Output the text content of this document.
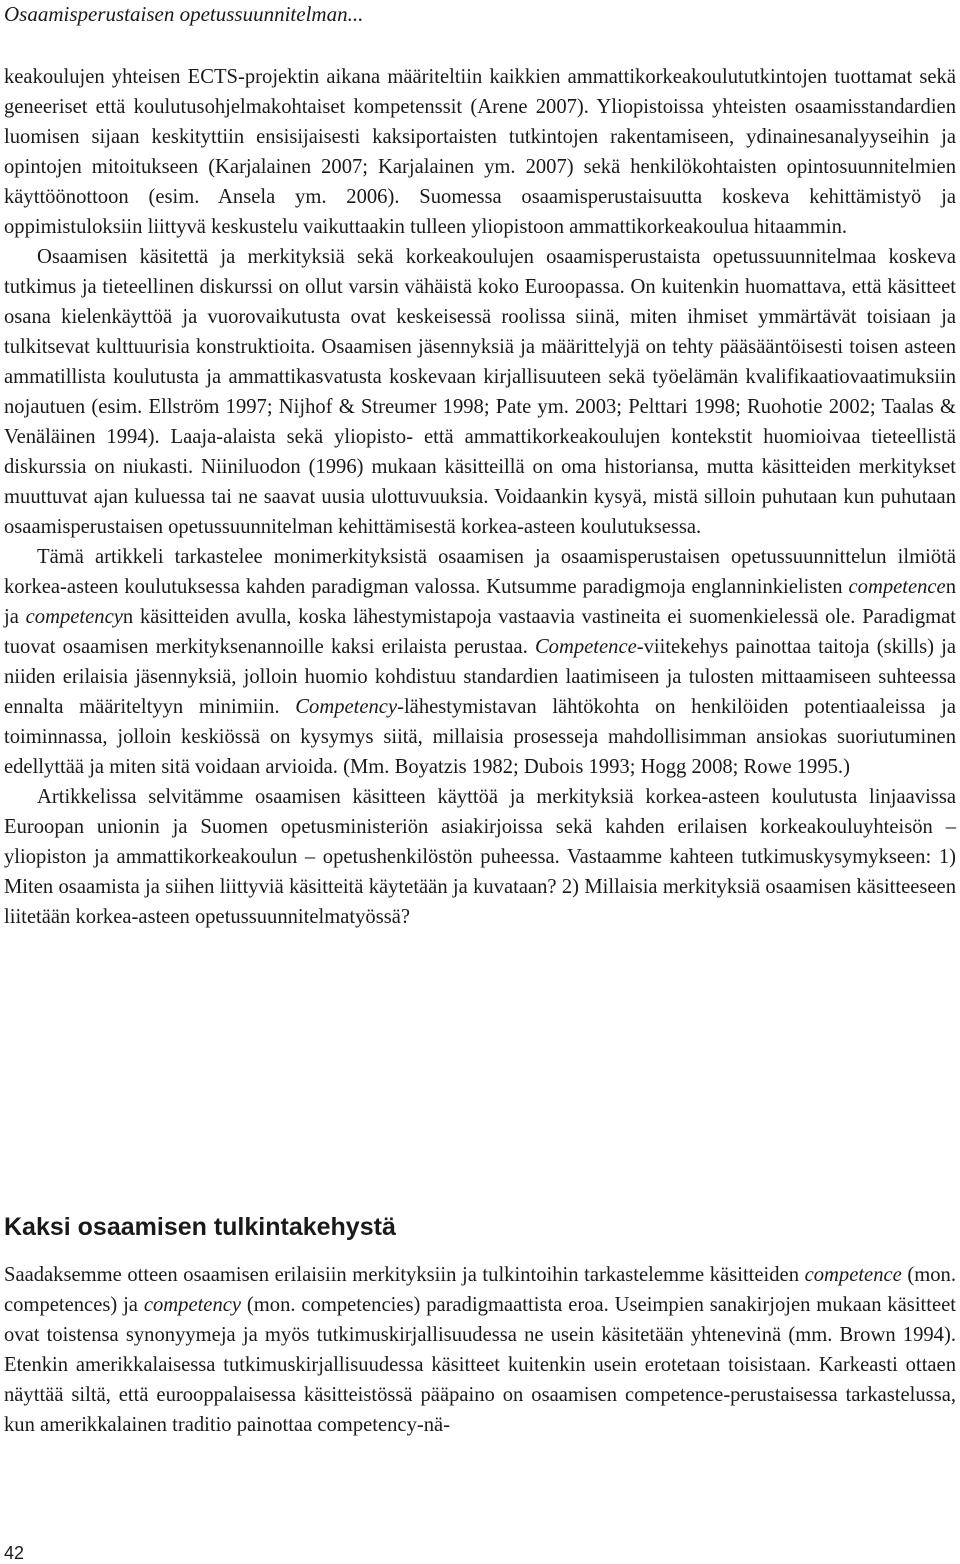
Osaamisperustaisen opetussuunnitelman...

keakoulujen yhteisen ECTS-projektin aikana määriteltiin kaikkien ammattikorkeakoulututkintojen tuottamat sekä geneeriset että koulutusohjelmakohtaiset kompetenssit (Arene 2007). Yliopistoissa yhteisten osaamisstandardien luomisen sijaan keskityttiin ensisijaisesti kaksiportaisten tutkintojen rakentamiseen, ydinainesanalyyseihin ja opintojen mitoitukseen (Karjalainen 2007; Karjalainen ym. 2007) sekä henkilökohtaisten opintosuunnitelmien käyttöönottoon (esim. Ansela ym. 2006). Suomessa osaamisperustaisuutta koskeva kehittämistyö ja oppimistuloksiin liittyvä keskustelu vaikuttaakin tulleen yliopistoon ammattikorkeakoulua hitaammin.

Osaamisen käsitettä ja merkityksiä sekä korkeakoulujen osaamisperustaista opetussuunnitelmaa koskeva tutkimus ja tieteellinen diskurssi on ollut varsin vähäistä koko Euroopassa. On kuitenkin huomattava, että käsitteet osana kielenkäyttöä ja vuorovaikutusta ovat keskeisessä roolissa siinä, miten ihmiset ymmärtävät toisiaan ja tulkitsevat kulttuurisia konstruktioita. Osaamisen jäsennyksiä ja määrittelyjä on tehty pääsääntöisesti toisen asteen ammatillista koulutusta ja ammattikasvatusta koskevaan kirjallisuuteen sekä työelämän kvalifikaatiovaatimuksiin nojautuen (esim. Ellström 1997; Nijhof & Streumer 1998; Pate ym. 2003; Pelttari 1998; Ruohotie 2002; Taalas & Venäläinen 1994). Laaja-alaista sekä yliopisto- että ammattikorkeakoulujen kontekstit huomioivaa tieteellistä diskurssia on niukasti. Niiniluodon (1996) mukaan käsitteillä on oma historiansa, mutta käsitteiden merkitykset muuttuvat ajan kuluessa tai ne saavat uusia ulottuvuuksia. Voidaankin kysyä, mistä silloin puhutaan kun puhutaan osaamisperustaisen opetussuunnitelman kehittämisestä korkea-asteen koulutuksessa.

Tämä artikkeli tarkastelee monimerkityksistä osaamisen ja osaamisperustaisen opetussuunnittelun ilmiötä korkea-asteen koulutuksessa kahden paradigman valossa. Kutsumme paradigmoja englanninkielisten competencen ja competencyn käsitteiden avulla, koska lähestymistapoja vastaavia vastineita ei suomenkielessä ole. Paradigmat tuovat osaamisen merkityksenannoille kaksi erilaista perustaa. Competence-viitekehys painottaa taitoja (skills) ja niiden erilaisia jäsennyksiä, jolloin huomio kohdistuu standardien laatimiseen ja tulosten mittaamiseen suhteessa ennalta määriteltyyn minimiin. Competency-lähestymistavan lähtökohta on henkilöiden potentiaaleissa ja toiminnassa, jolloin keskiössä on kysymys siitä, millaisia prosesseja mahdollisimman ansiokas suoriutuminen edellyttää ja miten sitä voidaan arvioida. (Mm. Boyatzis 1982; Dubois 1993; Hogg 2008; Rowe 1995.)

Artikkelissa selvitämme osaamisen käsitteen käyttöä ja merkityksiä korkea-asteen koulutusta linjaavissa Euroopan unionin ja Suomen opetusministeriön asiakirjoissa sekä kahden erilaisen korkeakouluyhteisön – yliopiston ja ammattikorkeakoulun – opetushenkilöstön puheessa. Vastaamme kahteen tutkimuskysymykseen: 1) Miten osaamista ja siihen liittyviä käsitteitä käytetään ja kuvataan? 2) Millaisia merkityksiä osaamisen käsitteeseen liitetään korkea-asteen opetussuunnitelmatyössä?

Kaksi osaamisen tulkintakehystä

Saadaksemme otteen osaamisen erilaisiin merkityksiin ja tulkintoihin tarkastelemme käsitteiden competence (mon. competences) ja competency (mon. competencies) paradigmaattista eroa. Useimpien sanakirjojen mukaan käsitteet ovat toistensa synonyymeja ja myös tutkimuskirjallisuudessa ne usein käsitetään yhtenevinä (mm. Brown 1994). Etenkin amerikkalaisessa tutkimuskirjallisuudessa käsitteet kuitenkin usein erotetaan toisistaan. Karkeasti ottaen näyttää siltä, että eurooppalaisessa käsitteistössä pääpaino on osaamisen competence-perustaisessa tarkastelussa, kun amerikkalainen traditio painottaa competency-nä-

42
